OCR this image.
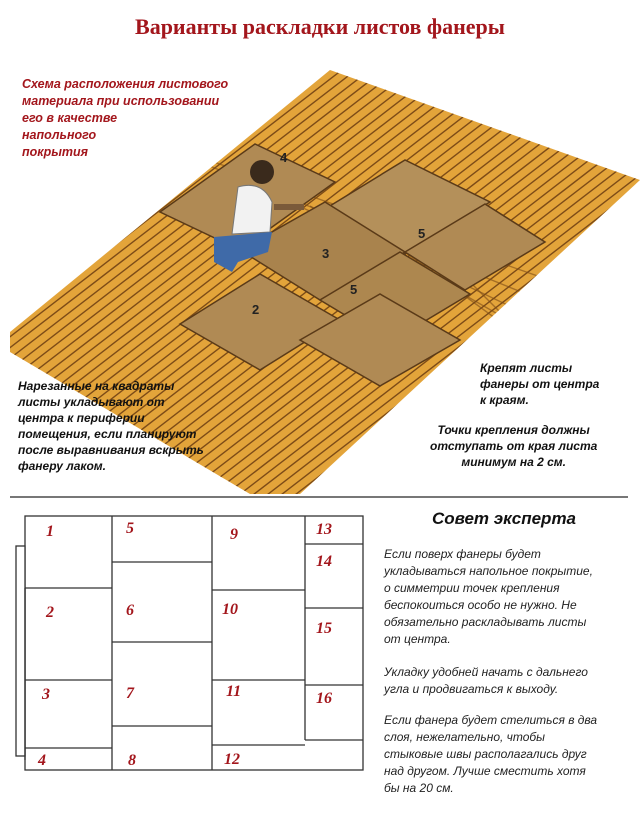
Варианты раскладки листов фанеры
2
3
4
5
5
Схема расположения листового
материала при использовании
его в качестве
напольного
покрытия
Нарезанные на квадраты
листы укладывают от
центра к периферии
помещения, если планируют
после выравнивания вскрыть
фанеру лаком.
Крепят листы
фанеры от центра
к краям.
Точки крепления должны
отступать от края листа
минимум на 2 см.
1
2
3
4
5
6
7
8
9
10
11
12
13
14
15
16
Совет эксперта
Если поверх фанеры будет
укладываться напольное покрытие,
о симметрии точек крепления
беспокоиться особо не нужно. Не
обязательно раскладывать листы
от центра.
Укладку удобней начать с дальнего
угла и продвигаться к выходу.
Если фанера будет стелиться в два
слоя, нежелательно, чтобы
стыковые швы располагались друг
над другом. Лучше сместить хотя
бы на 20 см.
